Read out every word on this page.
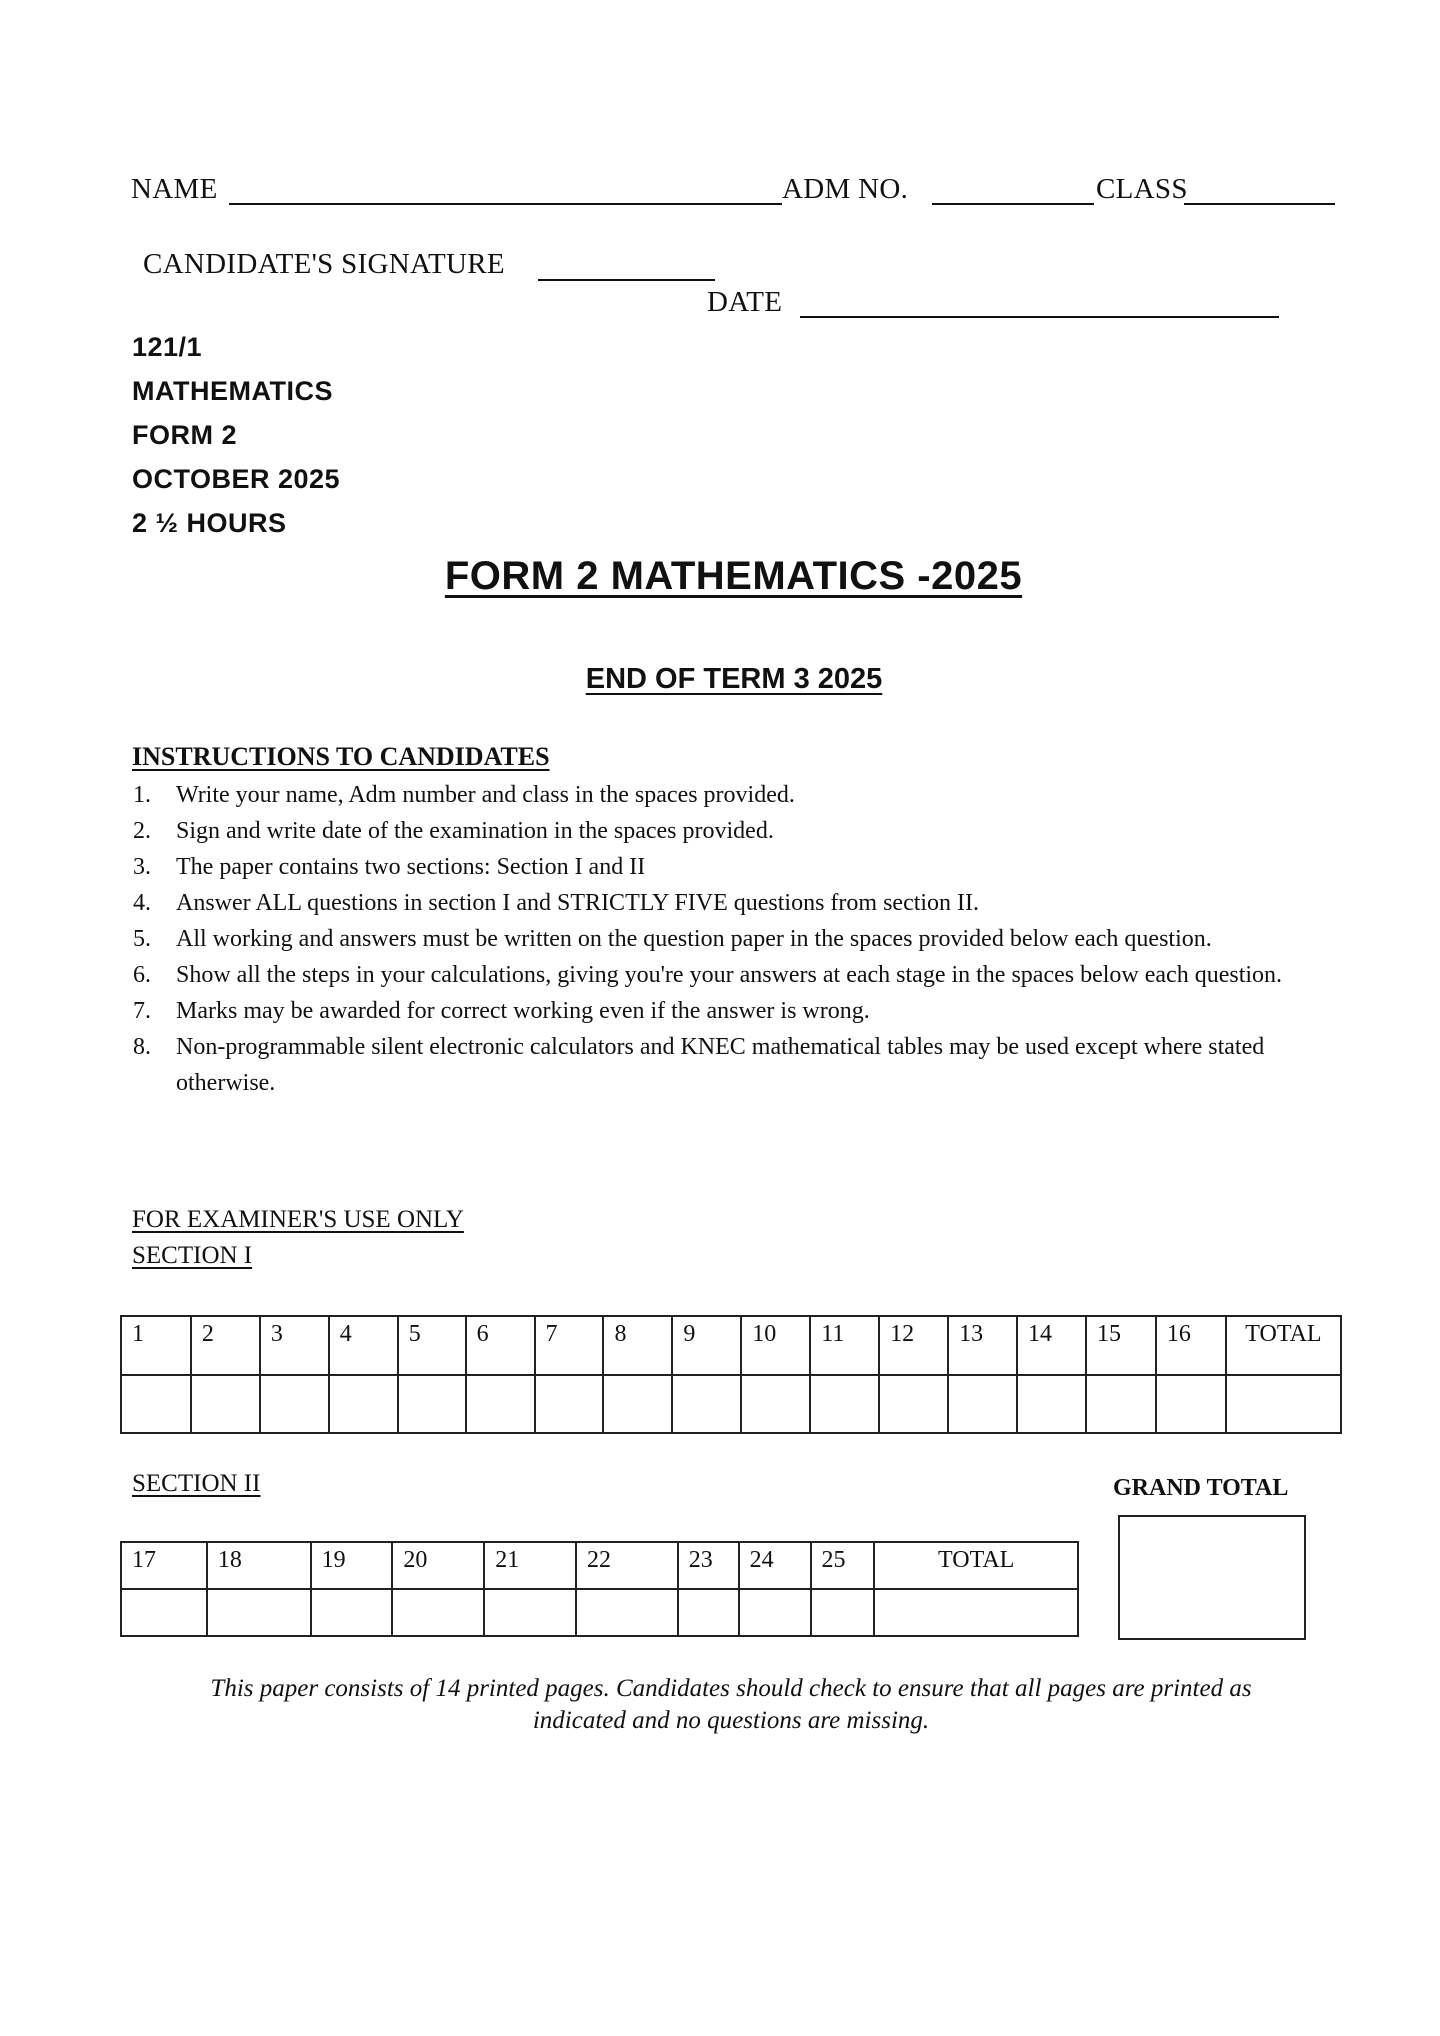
NAME	ADM NO.	CLASS
CANDIDATE'S SIGNATURE
DATE
121/1
MATHEMATICS
FORM 2
OCTOBER 2025
2 ½ HOURS
FORM 2 MATHEMATICS -2025
END OF TERM 3 2025
INSTRUCTIONS TO CANDIDATES
1. Write your name, Adm number and class in the spaces provided.
2. Sign and write date of the examination in the spaces provided.
3. The paper contains two sections: Section I and II
4. Answer ALL questions in section I and STRICTLY FIVE questions from section II.
5. All working and answers must be written on the question paper in the spaces provided below each question.
6. Show all the steps in your calculations, giving you're your answers at each stage in the spaces below each question.
7. Marks may be awarded for correct working even if the answer is wrong.
8. Non-programmable silent electronic calculators and KNEC mathematical tables may be used except where stated otherwise.
FOR EXAMINER'S USE ONLY
SECTION I
1	2	3	4	5	6	7	8	9	10	11	12	13	14	15	16	TOTAL

SECTION II	GRAND TOTAL
17	18	19	20	21	22	23	24	25	TOTAL

This paper consists of 14 printed pages. Candidates should check to ensure that all pages are printed as
indicated and no questions are missing.
